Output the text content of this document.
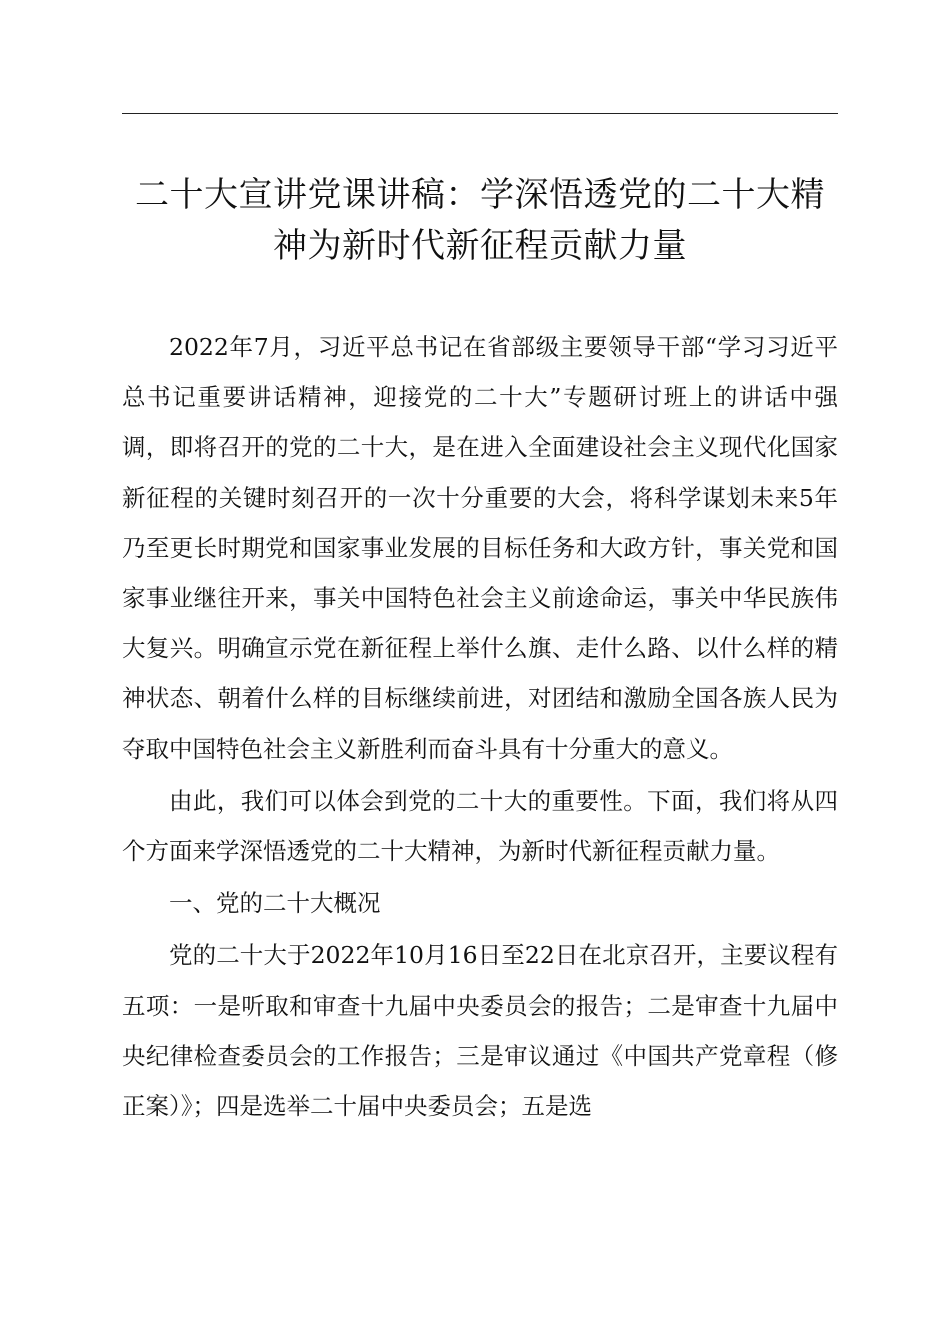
二十大宣讲党课讲稿：学深悟透党的二十大精神为新时代新征程贡献力量

2022年7月，习近平总书记在省部级主要领导干部“学习习近平总书记重要讲话精神，迎接党的二十大”专题研讨班上的讲话中强调，即将召开的党的二十大，是在进入全面建设社会主义现代化国家新征程的关键时刻召开的一次十分重要的大会，将科学谋划未来5年乃至更长时期党和国家事业发展的目标任务和大政方针，事关党和国家事业继往开来，事关中国特色社会主义前途命运，事关中华民族伟大复兴。明确宣示党在新征程上举什么旗、走什么路、以什么样的精神状态、朝着什么样的目标继续前进，对团结和激励全国各族人民为夺取中国特色社会主义新胜利而奋斗具有十分重大的意义。

由此，我们可以体会到党的二十大的重要性。下面，我们将从四个方面来学深悟透党的二十大精神，为新时代新征程贡献力量。

一、党的二十大概况

党的二十大于2022年10月16日至22日在北京召开，主要议程有五项：一是听取和审查十九届中央委员会的报告；二是审查十九届中央纪律检查委员会的工作报告；三是审议通过《中国共产党章程（修正案）》；四是选举二十届中央委员会；五是选
